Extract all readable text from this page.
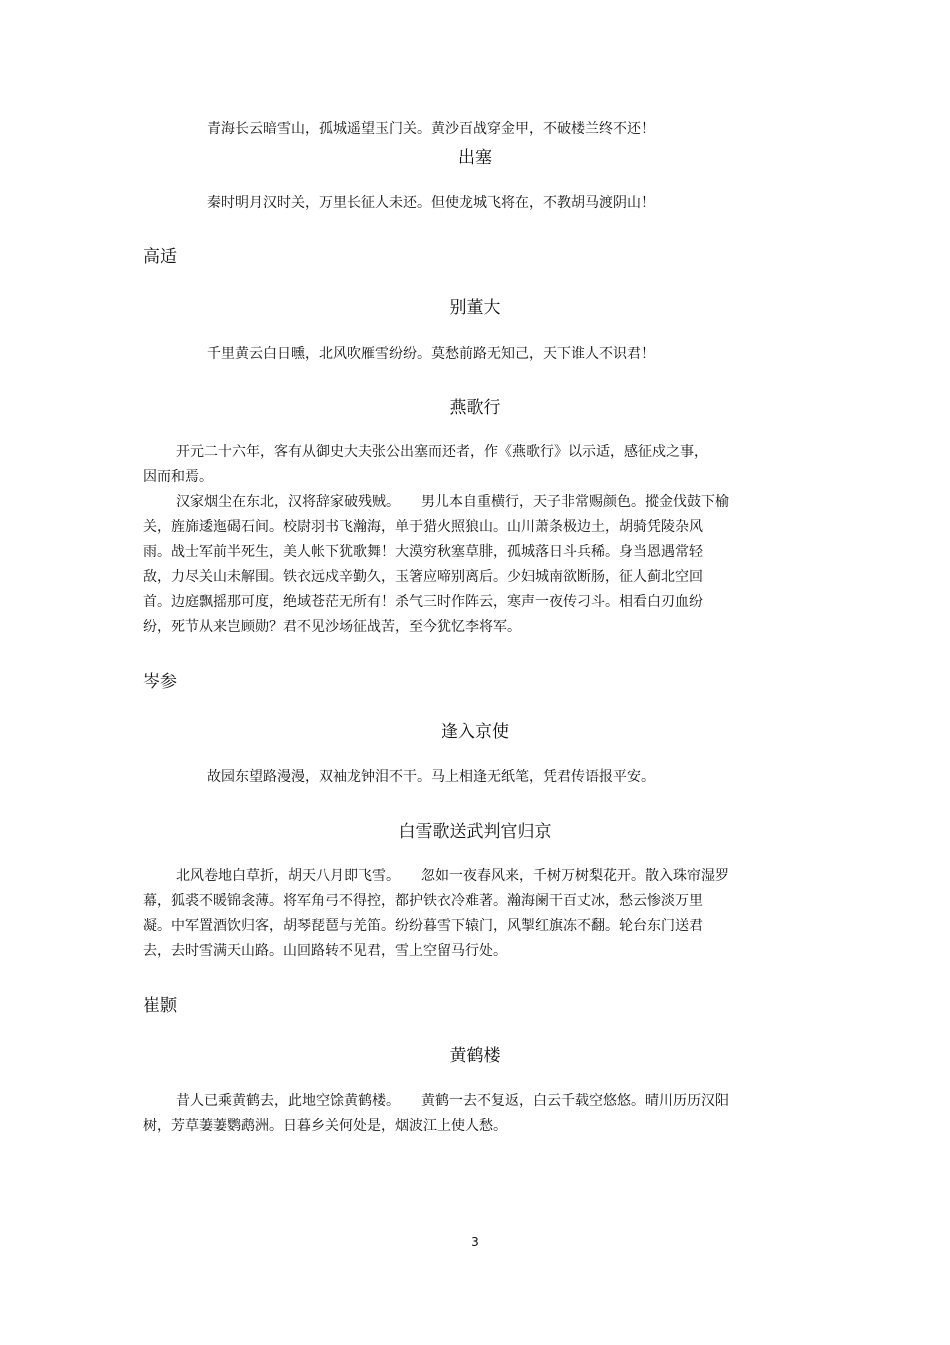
青海长云暗雪山，孤城遥望玉门关。黄沙百战穿金甲，不破楼兰终不还！

出塞

秦时明月汉时关，万里长征人未还。但使龙城飞将在，不教胡马渡阴山！

高适

别董大

千里黄云白日曛，北风吹雁雪纷纷。莫愁前路无知己，天下谁人不识君！

燕歌行

开元二十六年，客有从御史大夫张公出塞而还者，作《燕歌行》以示适，感征戍之事，
因而和焉。
汉家烟尘在东北，汉将辞家破残贼。　　男儿本自重横行，天子非常赐颜色。摐金伐鼓下榆
关，旌旆逶迤碣石间。校尉羽书飞瀚海，单于猎火照狼山。山川萧条极边土，胡骑凭陵杂风
雨。战士军前半死生，美人帐下犹歌舞！大漠穷秋塞草腓，孤城落日斗兵稀。身当恩遇常轻
敌，力尽关山未解围。铁衣远戍辛勤久，玉箸应啼别离后。少妇城南欲断肠，征人蓟北空回
首。边庭飘摇那可度，绝域苍茫无所有！杀气三时作阵云，寒声一夜传刁斗。相看白刃血纷
纷，死节从来岂顾勋？君不见沙场征战苦，至今犹忆李将军。

岑参

逢入京使

故园东望路漫漫，双袖龙钟泪不干。马上相逢无纸笔，凭君传语报平安。

白雪歌送武判官归京

北风卷地白草折，胡天八月即飞雪。　　忽如一夜春风来，千树万树梨花开。散入珠帘湿罗
幕，狐裘不暖锦衾薄。将军角弓不得控，都护铁衣冷难著。瀚海阑干百丈冰，愁云惨淡万里
凝。中军置酒饮归客，胡琴琵琶与羌笛。纷纷暮雪下辕门，风掣红旗冻不翻。轮台东门送君
去，去时雪满天山路。山回路转不见君，雪上空留马行处。

崔颢

黄鹤楼

昔人已乘黄鹤去，此地空馀黄鹤楼。　　黄鹤一去不复返，白云千载空悠悠。晴川历历汉阳
树，芳草萋萋鹦鹉洲。日暮乡关何处是，烟波江上使人愁。

3
